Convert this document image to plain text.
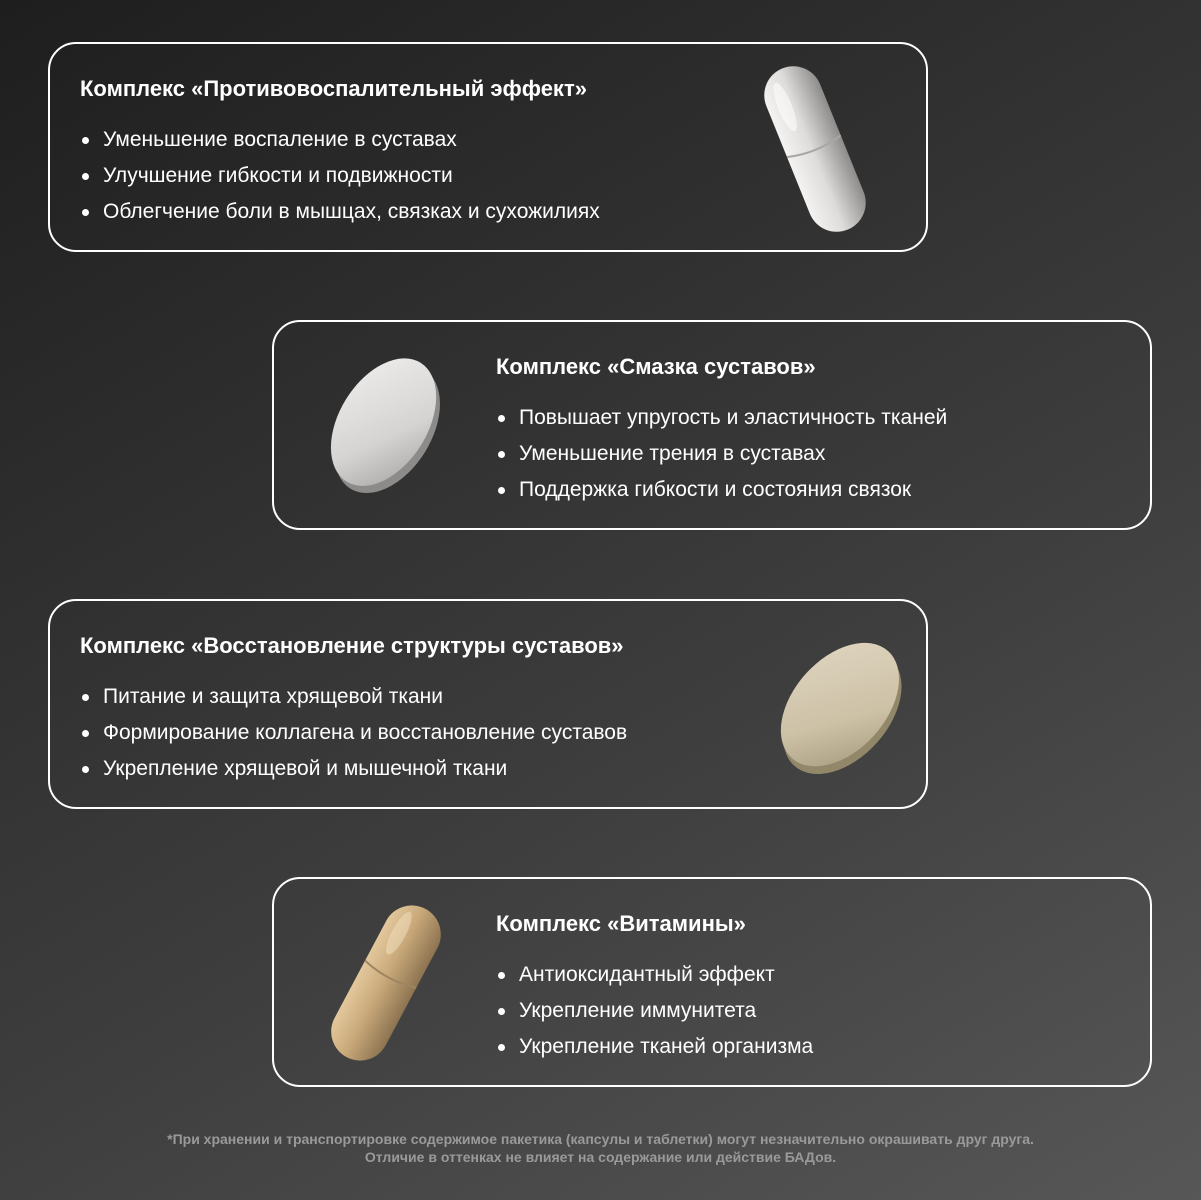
Комплекс «Противовоспалительный эффект»
Уменьшение воспаление в суставах
Улучшение гибкости и подвижности
Облегчение боли в мышцах, связках и сухожилиях
Комплекс «Смазка суставов»
Повышает упругость и эластичность тканей
Уменьшение трения в суставах
Поддержка гибкости и состояния связок
Комплекс «Восстановление структуры суставов»
Питание и защита хрящевой ткани
Формирование коллагена и восстановление суставов
Укрепление хрящевой и мышечной ткани
Комплекс «Витамины»
Антиоксидантный эффект
Укрепление иммунитета
Укрепление тканей организма

*При хранении и транспортировке содержимое пакетика (капсулы и таблетки) могут незначительно окрашивать друг друга.

Отличие в оттенках не влияет на содержание или действие БАДов.
